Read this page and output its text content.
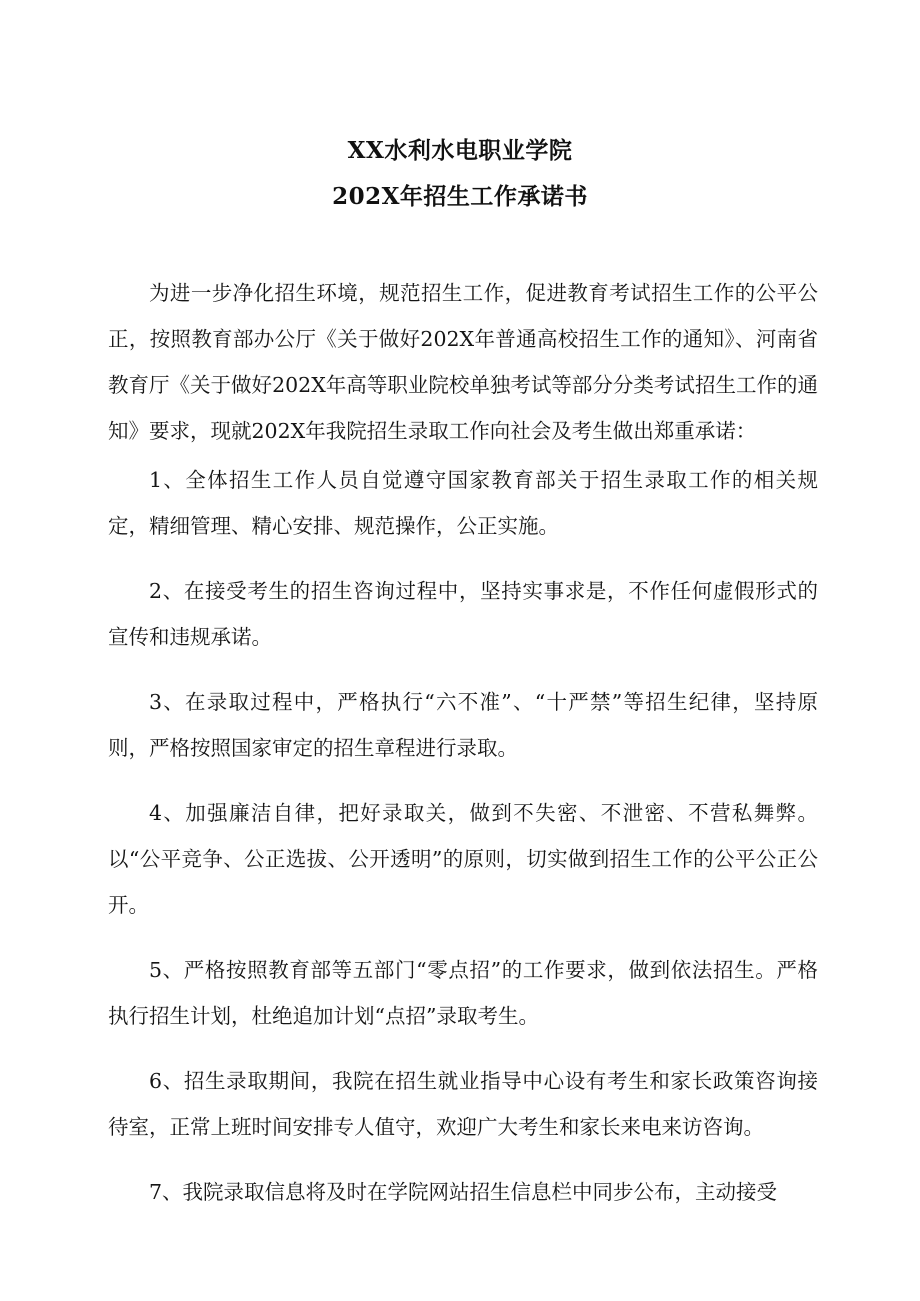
XX水利水电职业学院
202X年招生工作承诺书

为进一步净化招生环境，规范招生工作，促进教育考试招生工作的公平公正，按照教育部办公厅《关于做好202X年普通高校招生工作的通知》、河南省教育厅《关于做好202X年高等职业院校单独考试等部分分类考试招生工作的通知》要求，现就202X年我院招生录取工作向社会及考生做出郑重承诺：

1、全体招生工作人员自觉遵守国家教育部关于招生录取工作的相关规定，精细管理、精心安排、规范操作，公正实施。

2、在接受考生的招生咨询过程中，坚持实事求是，不作任何虚假形式的宣传和违规承诺。

3、在录取过程中，严格执行“六不准”、“十严禁”等招生纪律，坚持原则，严格按照国家审定的招生章程进行录取。

4、加强廉洁自律，把好录取关，做到不失密、不泄密、不营私舞弊。以“公平竞争、公正选拔、公开透明”的原则，切实做到招生工作的公平公正公开。

5、严格按照教育部等五部门“零点招”的工作要求，做到依法招生。严格执行招生计划，杜绝追加计划“点招”录取考生。

6、招生录取期间，我院在招生就业指导中心设有考生和家长政策咨询接待室，正常上班时间安排专人值守，欢迎广大考生和家长来电来访咨询。

7、我院录取信息将及时在学院网站招生信息栏中同步公布，主动接受
